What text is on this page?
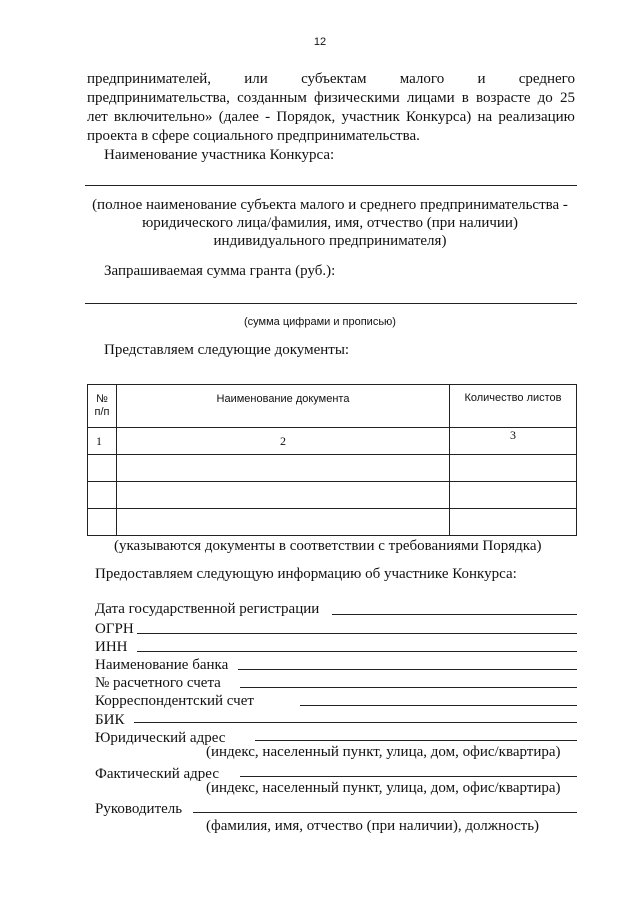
12
предпринимателей, или субъектам малого и среднего
предпринимательства, созданным физическими лицами в возрасте до 25
лет включительно» (далее - Порядок, участник Конкурса) на реализацию
проекта в сфере социального предпринимательства.
Наименование участника Конкурса:
(полное наименование субъекта малого и среднего предпринимательства -
юридического лица/фамилия, имя, отчество (при наличии)
индивидуального предпринимателя)
Запрашиваемая сумма гранта (руб.):
(сумма цифрами и прописью)
Представляем следующие документы:
№
п/п	Наименование документа	Количество листов
1	2	3

(указываются документы в соответствии с требованиями Порядка)
Предоставляем следующую информацию об участнике Конкурса:
Дата государственной регистрации
ОГРН
ИНН
Наименование банка
№ расчетного счета
Корреспондентский счет
БИК
Юридический адрес
(индекс, населенный пункт, улица, дом, офис/квартира)
Фактический адрес
(индекс, населенный пункт, улица, дом, офис/квартира)
Руководитель
(фамилия, имя, отчество (при наличии), должность)
